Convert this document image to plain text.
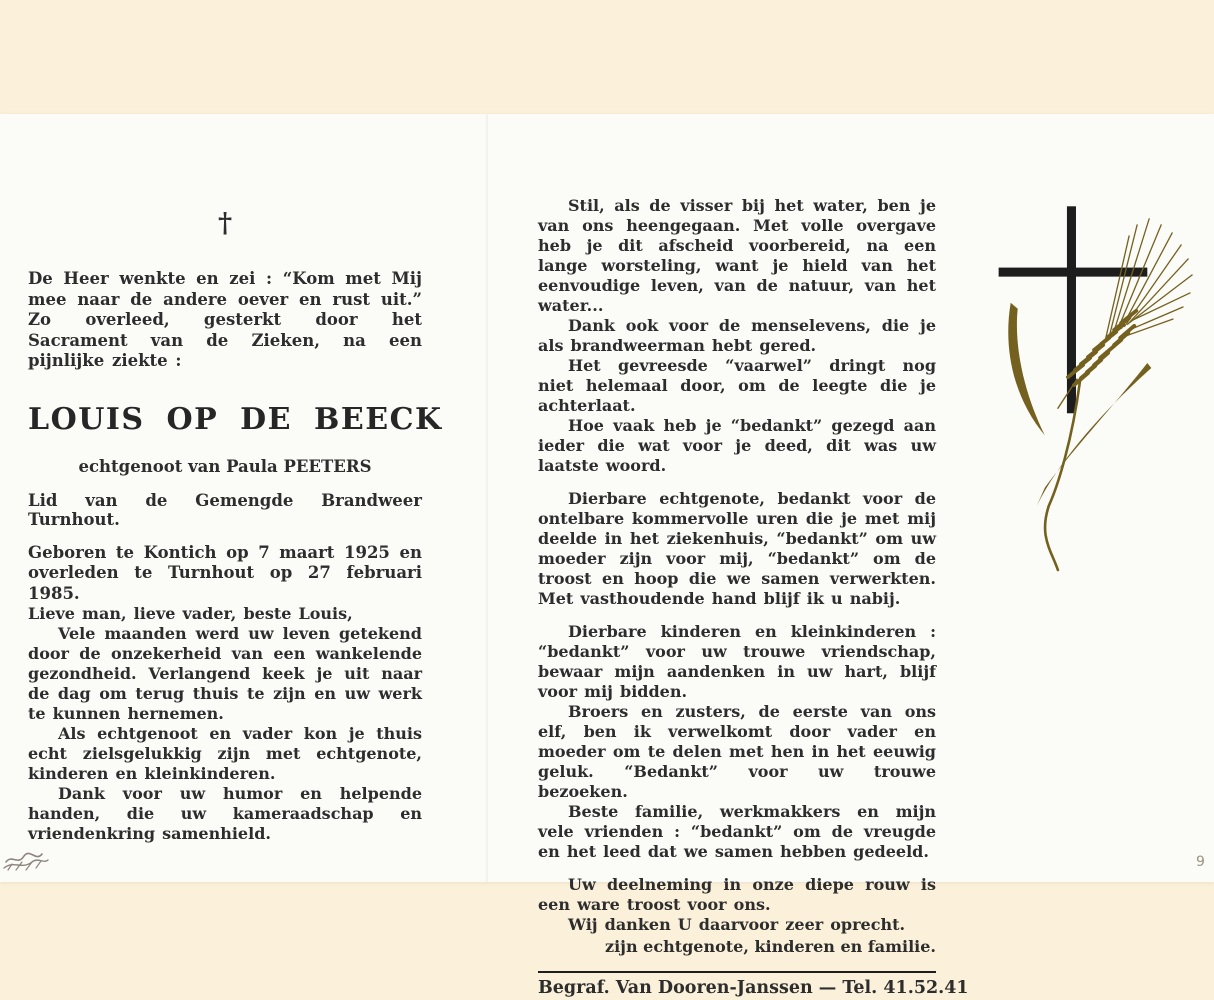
†

De Heer wenkte en zei : “Kom met Mij mee naar de andere oever en rust uit.” Zo overleed, gesterkt door het Sacrament van de Zieken, na een pijnlijke ziekte :

LOUIS OP DE BEECK

echtgenoot van Paula PEETERS

Lid van de Gemengde Brandweer Turnhout.

Geboren te Kontich op 7 maart 1925 en overleden te Turnhout op 27 februari 1985.

Lieve man, lieve vader, beste Louis,

Vele maanden werd uw leven getekend door de onzekerheid van een wankelende gezondheid. Verlangend keek je uit naar de dag om terug thuis te zijn en uw werk te kunnen hernemen.

Als echtgenoot en vader kon je thuis echt zielsgelukkig zijn met echtgenote, kinderen en kleinkinderen.

Dank voor uw humor en helpende handen, die uw kameraadschap en vriendenkring samenhield.

Stil, als de visser bij het water, ben je van ons heengegaan. Met volle overgave heb je dit afscheid voorbereid, na een lange worsteling, want je hield van het eenvoudige leven, van de natuur, van het water...

Dank ook voor de menselevens, die je als brandweerman hebt gered.

Het gevreesde “vaarwel” dringt nog niet helemaal door, om de leegte die je achterlaat.

Hoe vaak heb je “bedankt” gezegd aan ieder die wat voor je deed, dit was uw laatste woord.

Dierbare echtgenote, bedankt voor de ontelbare kommervolle uren die je met mij deelde in het ziekenhuis, “bedankt” om uw moeder zijn voor mij, “bedankt” om de troost en hoop die we samen verwerkten. Met vasthoudende hand blijf ik u nabij.

Dierbare kinderen en kleinkinderen : “bedankt” voor uw trouwe vriendschap, bewaar mijn aandenken in uw hart, blijf voor mij bidden.

Broers en zusters, de eerste van ons elf, ben ik verwelkomt door vader en moeder om te delen met hen in het eeuwig geluk. “Bedankt” voor uw trouwe bezoeken.

Beste familie, werkmakkers en mijn vele vrienden : “bedankt” om de vreugde en het leed dat we samen hebben gedeeld.

Uw deelneming in onze diepe rouw is een ware troost voor ons.

Wij danken U daarvoor zeer oprecht.

zijn echtgenote, kinderen en familie.

Begraf. Van Dooren-Janssen — Tel. 41.52.41
9
